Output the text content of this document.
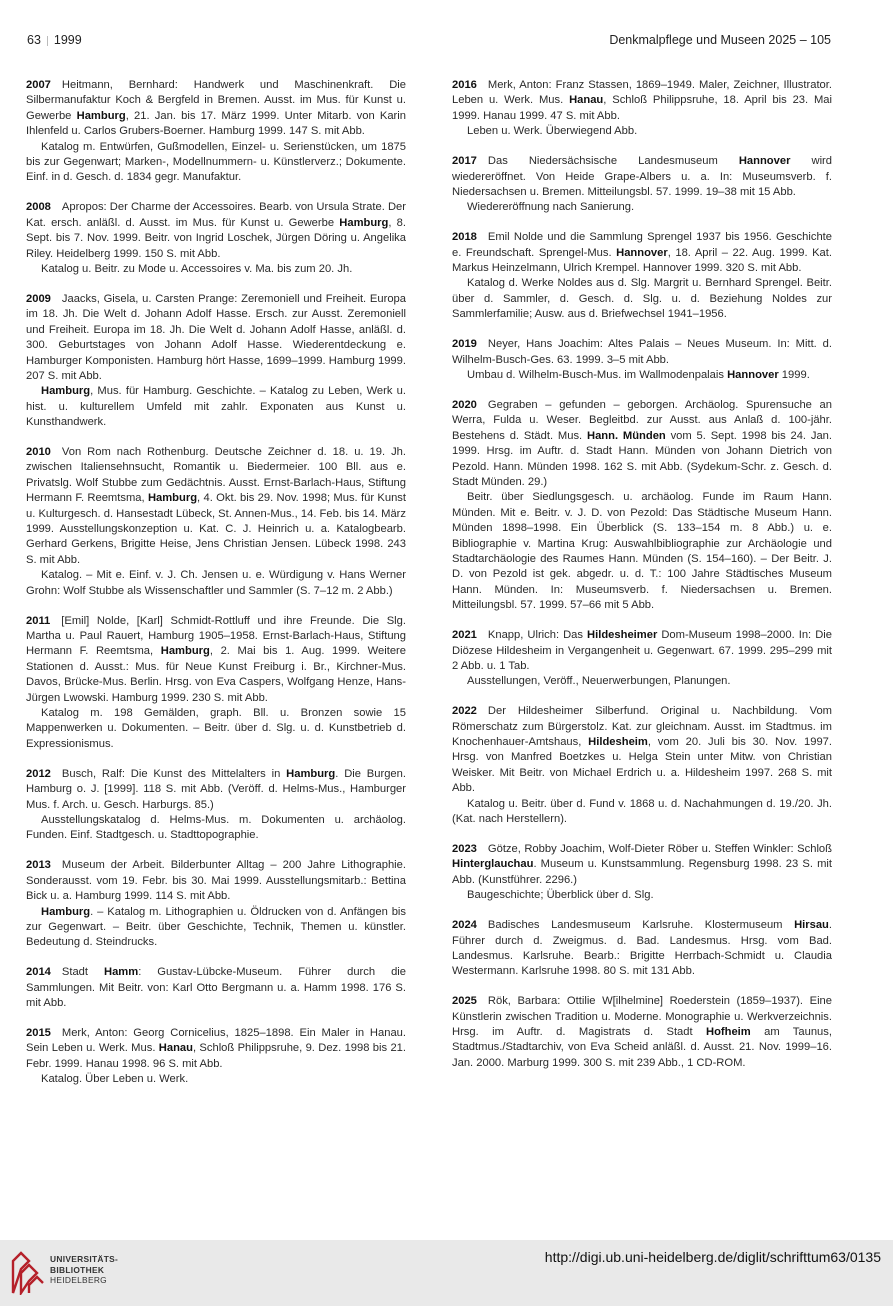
63 1999	Denkmalpflege und Museen 2025 – 105

2007 Heitmann, Bernhard: Handwerk und Maschinenkraft. Die Silbermanufaktur Koch & Bergfeld in Bremen. Ausst. im Mus. für Kunst u. Gewerbe Hamburg, 21. Jan. bis 17. März 1999. Unter Mitarb. von Karin Ihlenfeld u. Carlos Grubers-Boerner. Hamburg 1999. 147 S. mit Abb.

Katalog m. Entwürfen, Gußmodellen, Einzel- u. Serienstücken, um 1875 bis zur Gegenwart; Marken-, Modellnummern- u. Künstlerverz.; Dokumente. Einf. in d. Gesch. d. 1834 gegr. Manufaktur.

2008 Apropos: Der Charme der Accessoires. Bearb. von Ursula Strate. Der Kat. ersch. anläßl. d. Ausst. im Mus. für Kunst u. Gewerbe Hamburg, 8. Sept. bis 7. Nov. 1999. Beitr. von Ingrid Loschek, Jürgen Döring u. Angelika Riley. Heidelberg 1999. 150 S. mit Abb.

Katalog u. Beitr. zu Mode u. Accessoires v. Ma. bis zum 20. Jh.

2009 Jaacks, Gisela, u. Carsten Prange: Zeremoniell und Freiheit. Europa im 18. Jh. Die Welt d. Johann Adolf Hasse. Ersch. zur Ausst. Zeremoniell und Freiheit. Europa im 18. Jh. Die Welt d. Johann Adolf Hasse, anläßl. d. 300. Geburtstages von Johann Adolf Hasse. Wiederentdeckung e. Hamburger Komponisten. Hamburg hört Hasse, 1699–1999. Hamburg 1999. 207 S. mit Abb.

Hamburg, Mus. für Hamburg. Geschichte. – Katalog zu Leben, Werk u. hist. u. kulturellem Umfeld mit zahlr. Exponaten aus Kunst u. Kunsthandwerk.

2010 Von Rom nach Rothenburg. Deutsche Zeichner d. 18. u. 19. Jh. zwischen Italiensehnsucht, Romantik u. Biedermeier. 100 Bll. aus e. Privatslg. Wolf Stubbe zum Gedächtnis. Ausst. Ernst-Barlach-Haus, Stiftung Hermann F. Reemtsma, Hamburg, 4. Okt. bis 29. Nov. 1998; Mus. für Kunst u. Kulturgesch. d. Hansestadt Lübeck, St. Annen-Mus., 14. Feb. bis 14. März 1999. Ausstellungskonzeption u. Kat. C. J. Heinrich u. a. Katalogbearb. Gerhard Gerkens, Brigitte Heise, Jens Christian Jensen. Lübeck 1998. 243 S. mit Abb.

Katalog. – Mit e. Einf. v. J. Ch. Jensen u. e. Würdigung v. Hans Werner Grohn: Wolf Stubbe als Wissenschaftler und Sammler (S. 7–12 m. 2 Abb.)

2011 [Emil] Nolde, [Karl] Schmidt-Rottluff und ihre Freunde. Die Slg. Martha u. Paul Rauert, Hamburg 1905–1958. Ernst-Barlach-Haus, Stiftung Hermann F. Reemtsma, Hamburg, 2. Mai bis 1. Aug. 1999. Weitere Stationen d. Ausst.: Mus. für Neue Kunst Freiburg i. Br., Kirchner-Mus. Davos, Brücke-Mus. Berlin. Hrsg. von Eva Caspers, Wolfgang Henze, Hans-Jürgen Lwowski. Hamburg 1999. 230 S. mit Abb.

Katalog m. 198 Gemälden, graph. Bll. u. Bronzen sowie 15 Mappenwerken u. Dokumenten. – Beitr. über d. Slg. u. d. Kunstbetrieb d. Expressionismus.

2012 Busch, Ralf: Die Kunst des Mittelalters in Hamburg. Die Burgen. Hamburg o. J. [1999]. 118 S. mit Abb. (Veröff. d. Helms-Mus., Hamburger Mus. f. Arch. u. Gesch. Harburgs. 85.)

Ausstellungskatalog d. Helms-Mus. m. Dokumenten u. archäolog. Funden. Einf. Stadtgesch. u. Stadttopographie.

2013 Museum der Arbeit. Bilderbunter Alltag – 200 Jahre Lithographie. Sonderausst. vom 19. Febr. bis 30. Mai 1999. Ausstellungsmitarb.: Bettina Bick u. a. Hamburg 1999. 114 S. mit Abb.

Hamburg. – Katalog m. Lithographien u. Öldrucken von d. Anfängen bis zur Gegenwart. – Beitr. über Geschichte, Technik, Themen u. künstler. Bedeutung d. Steindrucks.

2014 Stadt Hamm: Gustav-Lübcke-Museum. Führer durch die Sammlungen. Mit Beitr. von: Karl Otto Bergmann u. a. Hamm 1998. 176 S. mit Abb.

2015 Merk, Anton: Georg Cornicelius, 1825–1898. Ein Maler in Hanau. Sein Leben u. Werk. Mus. Hanau, Schloß Philippsruhe, 9. Dez. 1998 bis 21. Febr. 1999. Hanau 1998. 96 S. mit Abb.

Katalog. Über Leben u. Werk.

2016 Merk, Anton: Franz Stassen, 1869–1949. Maler, Zeichner, Illustrator. Leben u. Werk. Mus. Hanau, Schloß Philippsruhe, 18. April bis 23. Mai 1999. Hanau 1999. 47 S. mit Abb.

Leben u. Werk. Überwiegend Abb.

2017 Das Niedersächsische Landesmuseum Hannover wird wiedereröffnet. Von Heide Grape-Albers u. a. In: Museumsverb. f. Niedersachsen u. Bremen. Mitteilungsbl. 57. 1999. 19–38 mit 15 Abb.

Wiedereröffnung nach Sanierung.

2018 Emil Nolde und die Sammlung Sprengel 1937 bis 1956. Geschichte e. Freundschaft. Sprengel-Mus. Hannover, 18. April – 22. Aug. 1999. Kat. Markus Heinzelmann, Ulrich Krempel. Hannover 1999. 320 S. mit Abb.

Katalog d. Werke Noldes aus d. Slg. Margrit u. Bernhard Sprengel. Beitr. über d. Sammler, d. Gesch. d. Slg. u. d. Beziehung Noldes zur Sammlerfamilie; Ausw. aus d. Briefwechsel 1941–1956.

2019 Neyer, Hans Joachim: Altes Palais – Neues Museum. In: Mitt. d. Wilhelm-Busch-Ges. 63. 1999. 3–5 mit Abb.

Umbau d. Wilhelm-Busch-Mus. im Wallmodenpalais Hannover 1999.

2020 Gegraben – gefunden – geborgen. Archäolog. Spurensuche an Werra, Fulda u. Weser. Begleitbd. zur Ausst. aus Anlaß d. 100-jähr. Bestehens d. Städt. Mus. Hann. Münden vom 5. Sept. 1998 bis 24. Jan. 1999. Hrsg. im Auftr. d. Stadt Hann. Münden von Johann Dietrich von Pezold. Hann. Münden 1998. 162 S. mit Abb. (Sydekum-Schr. z. Gesch. d. Stadt Münden. 29.)

Beitr. über Siedlungsgesch. u. archäolog. Funde im Raum Hann. Münden. Mit e. Beitr. v. J. D. von Pezold: Das Städtische Museum Hann. Münden 1898–1998. Ein Überblick (S. 133–154 m. 8 Abb.) u. e. Bibliographie v. Martina Krug: Auswahlbibliographie zur Archäologie und Stadtarchäologie des Raumes Hann. Münden (S. 154–160). – Der Beitr. J. D. von Pezold ist gek. abgedr. u. d. T.: 100 Jahre Städtisches Museum Hann. Münden. In: Museumsverb. f. Niedersachsen u. Bremen. Mitteilungsbl. 57. 1999. 57–66 mit 5 Abb.

2021 Knapp, Ulrich: Das Hildesheimer Dom-Museum 1998–2000. In: Die Diözese Hildesheim in Vergangenheit u. Gegenwart. 67. 1999. 295–299 mit 2 Abb. u. 1 Tab.

Ausstellungen, Veröff., Neuerwerbungen, Planungen.

2022 Der Hildesheimer Silberfund. Original u. Nachbildung. Vom Römerschatz zum Bürgerstolz. Kat. zur gleichnam. Ausst. im Stadtmus. im Knochenhauer-Amtshaus, Hildesheim, vom 20. Juli bis 30. Nov. 1997. Hrsg. von Manfred Boetzkes u. Helga Stein unter Mitw. von Christian Weisker. Mit Beitr. von Michael Erdrich u. a. Hildesheim 1997. 268 S. mit Abb.

Katalog u. Beitr. über d. Fund v. 1868 u. d. Nachahmungen d. 19./20. Jh. (Kat. nach Herstellern).

2023 Götze, Robby Joachim, Wolf-Dieter Röber u. Steffen Winkler: Schloß Hinterglauchau. Museum u. Kunstsammlung. Regensburg 1998. 23 S. mit Abb. (Kunstführer. 2296.)

Baugeschichte; Überblick über d. Slg.

2024 Badisches Landesmuseum Karlsruhe. Klostermuseum Hirsau. Führer durch d. Zweigmus. d. Bad. Landesmus. Hrsg. vom Bad. Landesmus. Karlsruhe. Bearb.: Brigitte Herrbach-Schmidt u. Claudia Westermann. Karlsruhe 1998. 80 S. mit 131 Abb.

2025 Rök, Barbara: Ottilie W[ilhelmine] Roederstein (1859–1937). Eine Künstlerin zwischen Tradition u. Moderne. Monographie u. Werkverzeichnis. Hrsg. im Auftr. d. Magistrats d. Stadt Hofheim am Taunus, Stadtmus./Stadtarchiv, von Eva Scheid anläßl. d. Ausst. 21. Nov. 1999–16. Jan. 2000. Marburg 1999. 300 S. mit 239 Abb., 1 CD-ROM.

UNIVERSITÄTS-
BIBLIOTHEK
HEIDELBERG
http://digi.ub.uni-heidelberg.de/diglit/schrifttum63/0135
